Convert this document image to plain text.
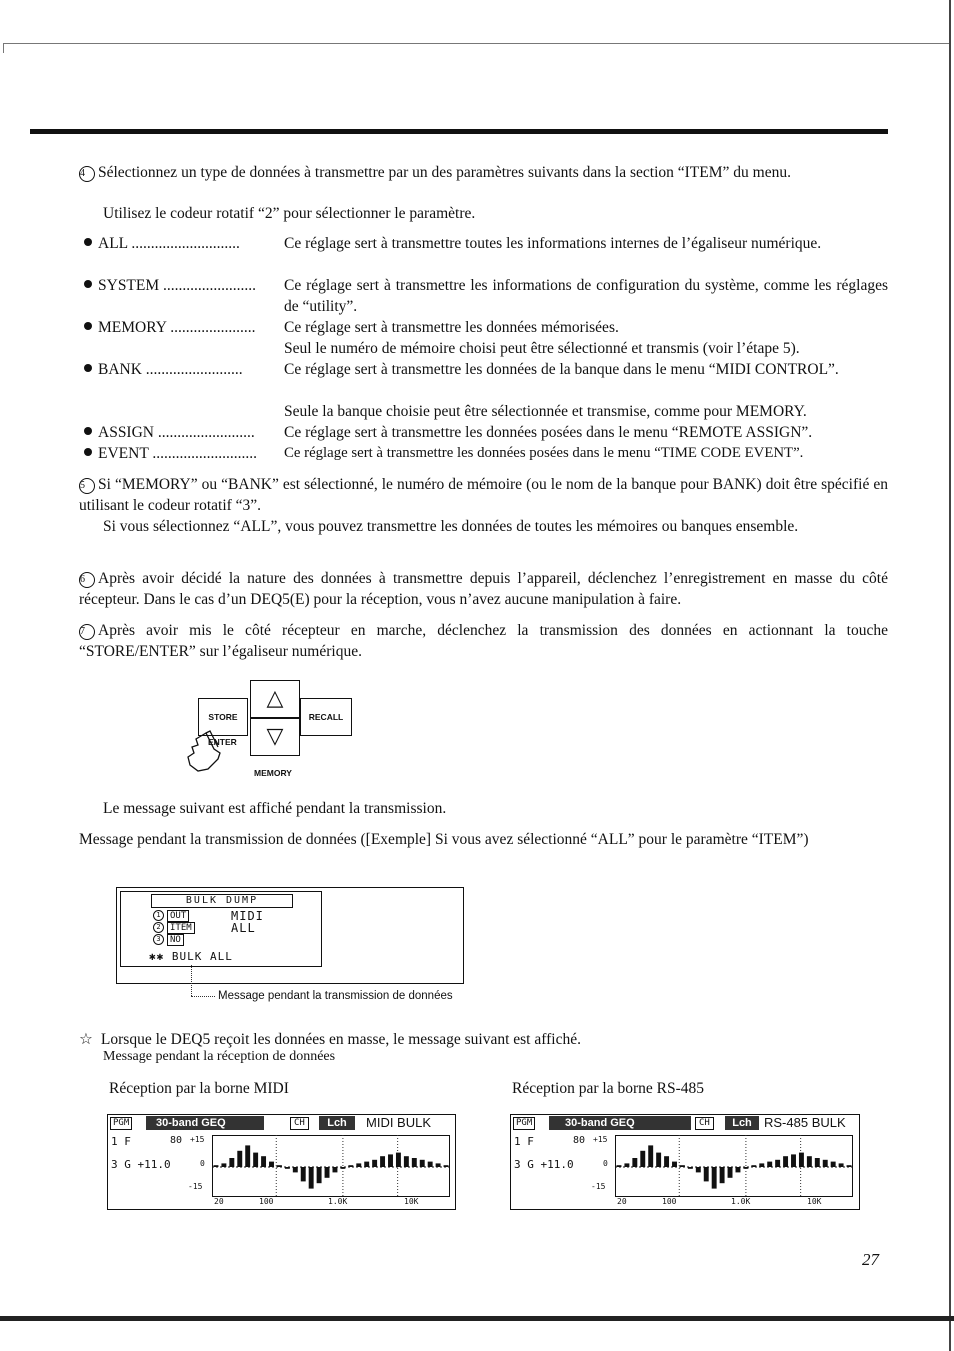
4 Sélectionnez un type de données à transmettre par un des paramètres suivants dans la section “ITEM” du menu.
Utilisez le codeur rotatif “2” pour sélectionner le paramètre.
ALL ............................	Ce réglage sert à transmettre toutes les informations internes de l’égaliseur numérique.
SYSTEM ........................	Ce réglage sert à transmettre les informations de configuration du système, comme les réglages de “utility”.
MEMORY ......................	Ce réglage sert à transmettre les données mémorisées.
Seul le numéro de mémoire choisi peut être sélectionné et transmis (voir l’étape 5).
BANK .........................	Ce réglage sert à transmettre les données de la banque dans le menu “MIDI CONTROL”.
Seule la banque choisie peut être sélectionnée et transmise, comme pour MEMORY.
ASSIGN .........................	Ce réglage sert à transmettre les données posées dans le menu “REMOTE ASSIGN”.
EVENT ...........................	Ce réglage sert à transmettre les données posées dans le menu “TIME CODE EVENT”.
5 Si “MEMORY” ou “BANK” est sélectionné, le numéro de mémoire (ou le nom de la banque pour BANK) doit être spécifié en utilisant le codeur rotatif “3”.
Si vous sélectionnez “ALL”, vous pouvez transmettre les données de toutes les mémoires ou banques ensemble.
6 Après avoir décidé la nature des données à transmettre depuis l’appareil, déclenchez l’enregistrement en masse du côté récepteur. Dans le cas d’un DEQ5(E) pour la réception, vous n’avez aucune manipulation à faire.
7 Après avoir mis le côté récepteur en marche, déclenchez la transmission des données en actionnant la touche “STORE/ENTER” sur l’égaliseur numérique.
STORE	RECALL
△
▽
ENTER
MEMORY
Le message suivant est affiché pendant la transmission.
Message pendant la transmission de données ([Exemple] Si vous avez sélectionné “ALL” pour le paramètre “ITEM”)
BULK DUMP
1 OUT	MIDI
2 ITEM	ALL
3 NO
✱✱ BULK ALL
Message pendant la transmission de données
☆ Lorsque le DEQ5 reçoit les données en masse, le message suivant est affiché.
Message pendant la réception de données
Réception par la borne MIDI	Réception par la borne RS-485
PGM	30-band GEQ	CH	Lch	MIDI BULK
1 F	80
3 G +11.0
+15
0
-15
20	100	1.0K	10K
PGM	30-band GEQ	CH	Lch RS-485 BULK
1 F	80
3 G +11.0
+15
0
-15
20	100	1.0K	10K
27
